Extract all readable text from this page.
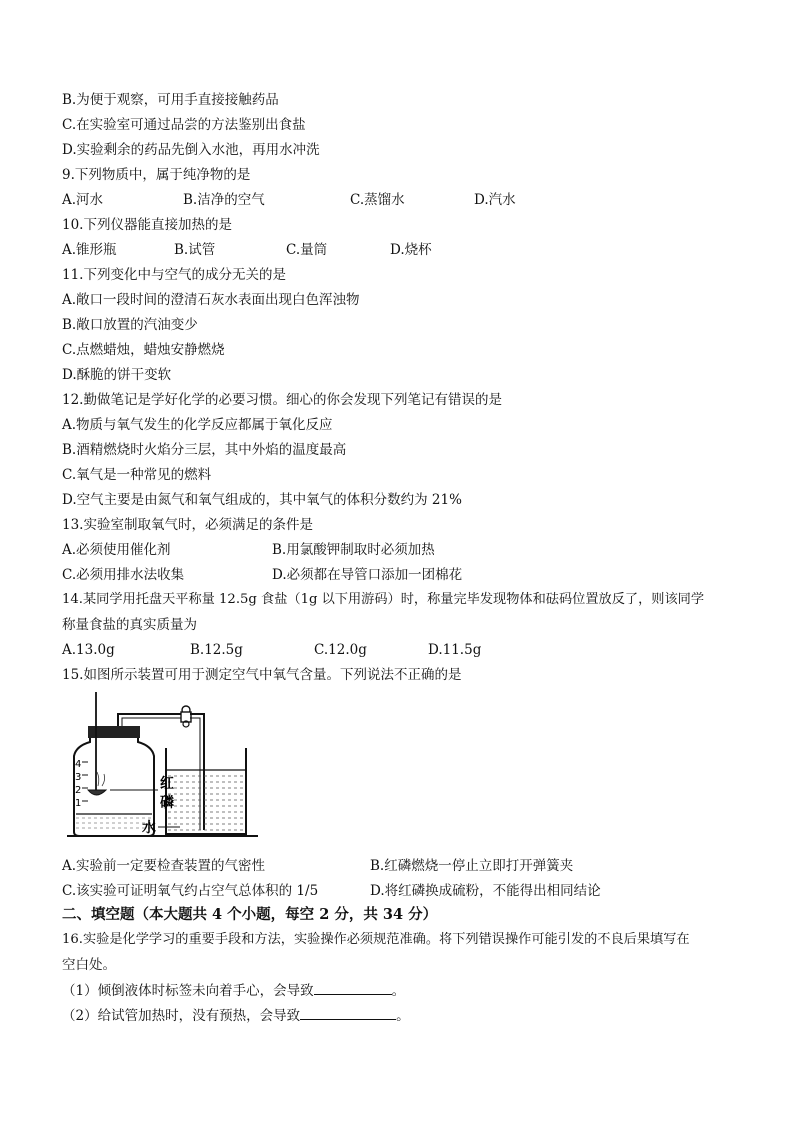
B.为便于观察，可用手直接接触药品
C.在实验室可通过品尝的方法鉴别出食盐
D.实验剩余的药品先倒入水池，再用水冲洗
9.下列物质中，属于纯净物的是
A.河水	B.洁净的空气	C.蒸馏水	D.汽水
10.下列仪器能直接加热的是
A.锥形瓶	B.试管	C.量筒	D.烧杯
11.下列变化中与空气的成分无关的是
A.敞口一段时间的澄清石灰水表面出现白色浑浊物
B.敞口放置的汽油变少
C.点燃蜡烛，蜡烛安静燃烧
D.酥脆的饼干变软
12.勤做笔记是学好化学的必要习惯。细心的你会发现下列笔记有错误的是
A.物质与氧气发生的化学反应都属于氧化反应
B.酒精燃烧时火焰分三层，其中外焰的温度最高
C.氧气是一种常见的燃料
D.空气主要是由氮气和氧气组成的，其中氧气的体积分数约为 21%
13.实验室制取氧气时，必须满足的条件是
A.必须使用催化剂	B.用氯酸钾制取时必须加热
C.必须用排水法收集	D.必须都在导管口添加一团棉花
14.某同学用托盘天平称量 12.5g 食盐（1g 以下用游码）时，称量完毕发现物体和砝码位置放反了，则该同学
称量食盐的真实质量为
A.13.0g	B.12.5g	C.12.0g	D.11.5g
15.如图所示装置可用于测定空气中氧气含量。下列说法不正确的是
4
3
2
1
红
磷
水
A.实验前一定要检查装置的气密性	B.红磷燃烧一停止立即打开弹簧夹
C.该实验可证明氧气约占空气总体积的 1/5	D.将红磷换成硫粉，不能得出相同结论
二、填空题（本大题共 4 个小题，每空 2 分，共 34 分）
16.实验是化学学习的重要手段和方法，实验操作必须规范准确。将下列错误操作可能引发的不良后果填写在
空白处。
（1）倾倒液体时标签未向着手心，会导致	。
（2）给试管加热时，没有预热，会导致	。
